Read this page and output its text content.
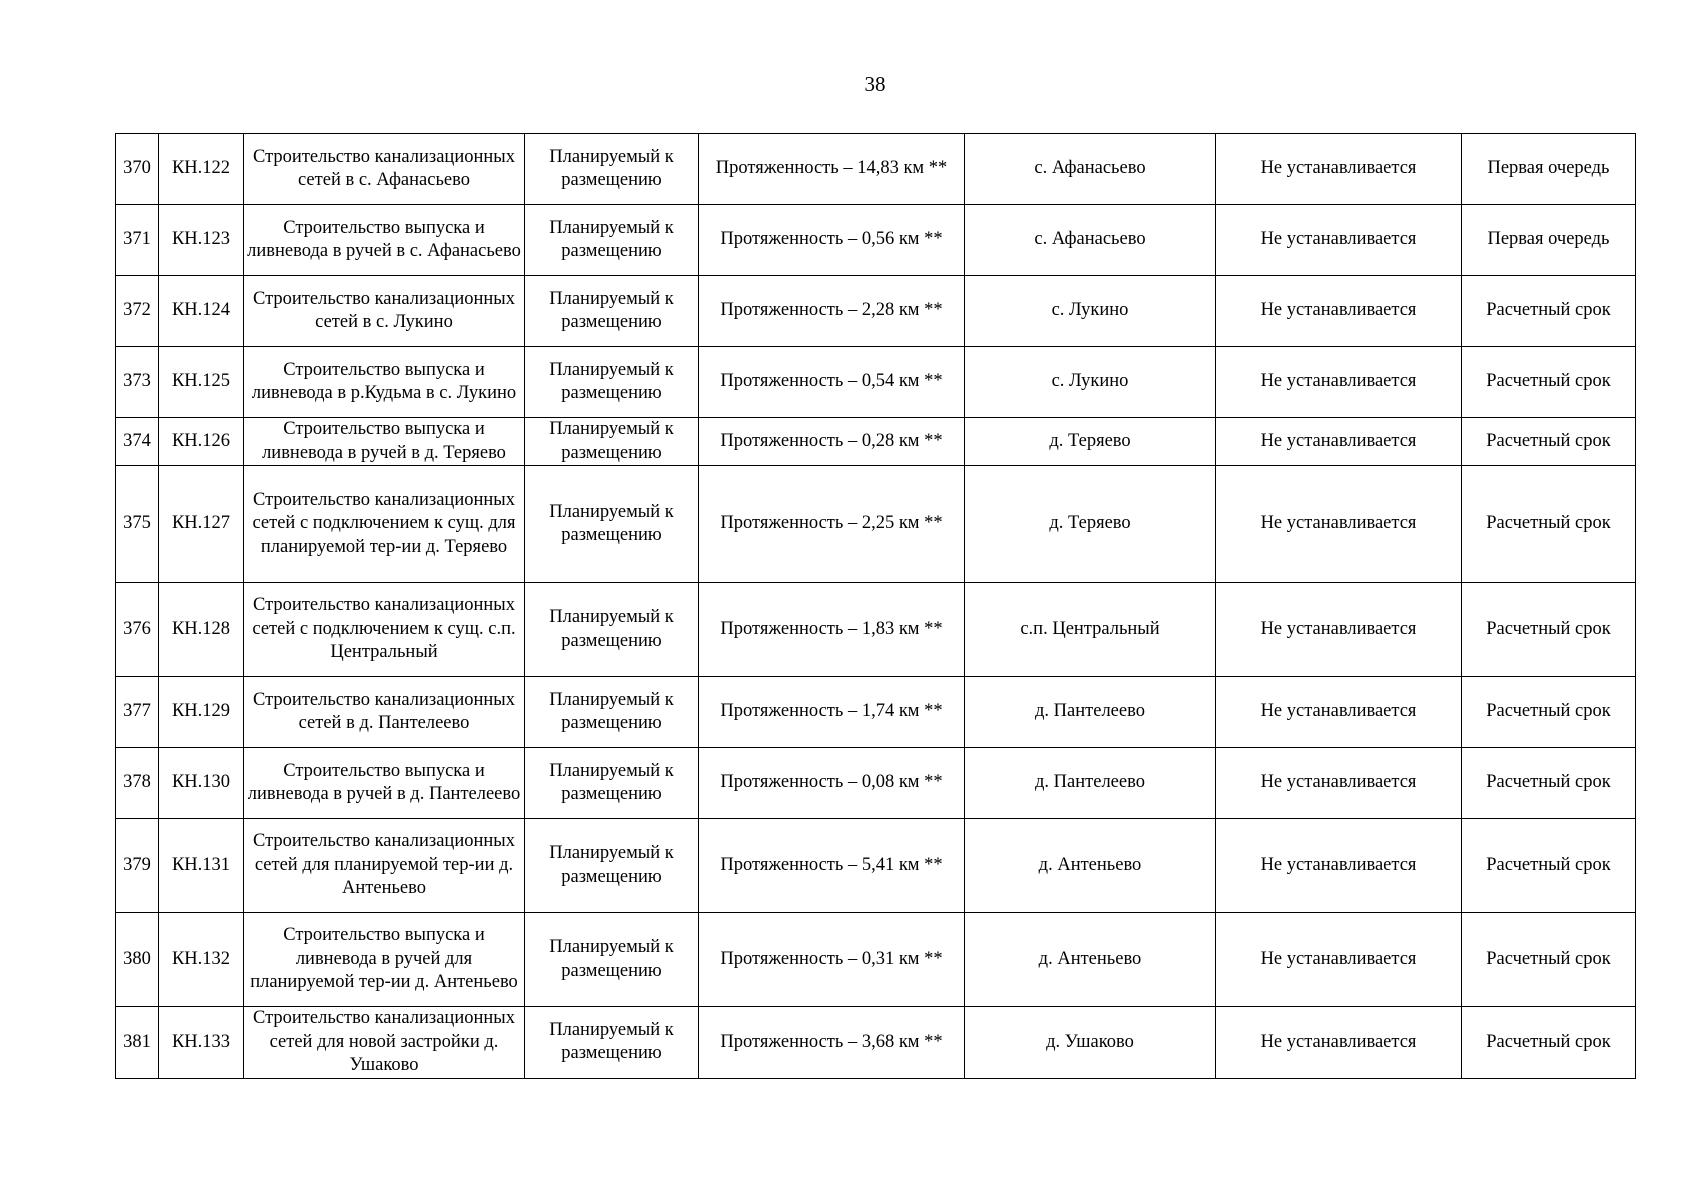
38
370	КН.122	Строительство канализационных сетей в с. Афанасьево	Планируемый к размещению	Протяженность – 14,83 км **	с. Афанасьево	Не устанавливается	Первая очередь
371	КН.123	Строительство выпуска и ливневода в ручей в с. Афанасьево	Планируемый к размещению	Протяженность – 0,56 км **	с. Афанасьево	Не устанавливается	Первая очередь
372	КН.124	Строительство канализационных сетей в с. Лукино	Планируемый к размещению	Протяженность – 2,28 км **	с. Лукино	Не устанавливается	Расчетный срок
373	КН.125	Строительство выпуска и ливневода в р.Кудьма в с. Лукино	Планируемый к размещению	Протяженность – 0,54 км **	с. Лукино	Не устанавливается	Расчетный срок
374	КН.126	Строительство выпуска и ливневода в ручей в д. Теряево	Планируемый к размещению	Протяженность – 0,28 км **	д. Теряево	Не устанавливается	Расчетный срок
375	КН.127	Строительство канализационных сетей с подключением к сущ. для планируемой тер-ии д. Теряево	Планируемый к размещению	Протяженность – 2,25 км **	д. Теряево	Не устанавливается	Расчетный срок
376	КН.128	Строительство канализационных сетей с подключением к сущ. с.п. Центральный	Планируемый к размещению	Протяженность – 1,83 км **	с.п. Центральный	Не устанавливается	Расчетный срок
377	КН.129	Строительство канализационных сетей в д. Пантелеево	Планируемый к размещению	Протяженность – 1,74 км **	д. Пантелеево	Не устанавливается	Расчетный срок
378	КН.130	Строительство выпуска и ливневода в ручей в д. Пантелеево	Планируемый к размещению	Протяженность – 0,08 км **	д. Пантелеево	Не устанавливается	Расчетный срок
379	КН.131	Строительство канализационных сетей для планируемой тер-ии д. Антеньево	Планируемый к размещению	Протяженность – 5,41 км **	д. Антеньево	Не устанавливается	Расчетный срок
380	КН.132	Строительство выпуска и ливневода в ручей для планируемой тер-ии д. Антеньево	Планируемый к размещению	Протяженность – 0,31 км **	д. Антеньево	Не устанавливается	Расчетный срок
381	КН.133	Строительство канализационных сетей для новой застройки д. Ушаково	Планируемый к размещению	Протяженность – 3,68 км **	д. Ушаково	Не устанавливается	Расчетный срок
